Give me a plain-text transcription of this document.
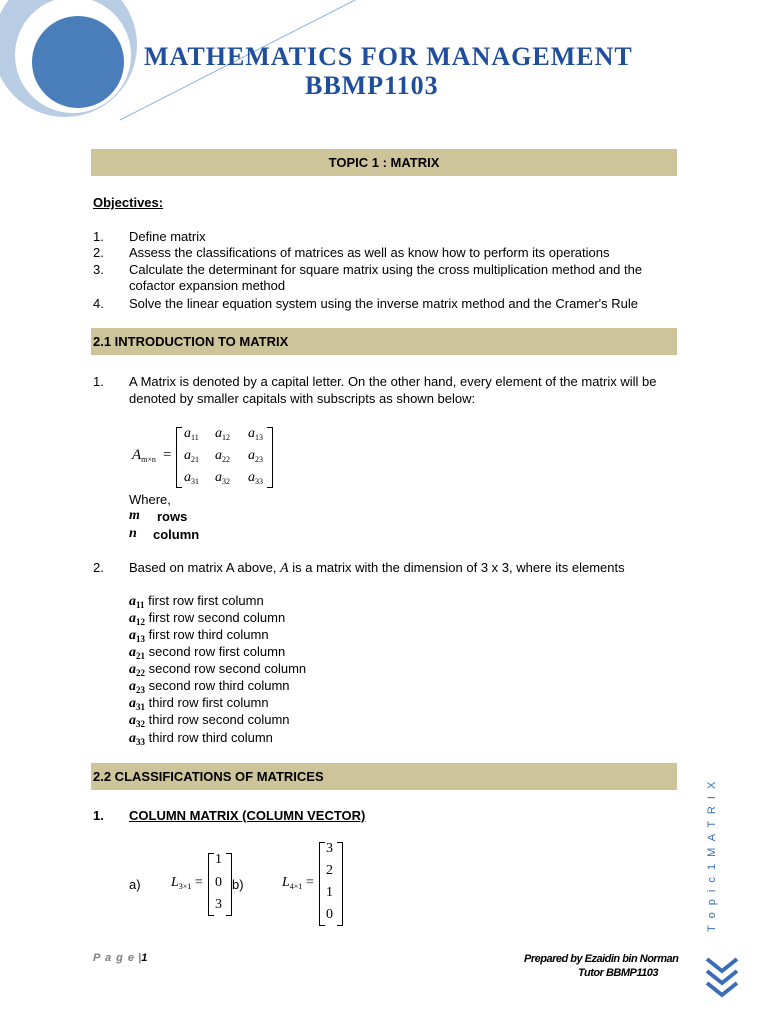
MATHEMATICS FOR MANAGEMENT
BBMP1103
TOPIC 1 : MATRIX
Objectives:
1. Define matrix
2. Assess the classifications of matrices as well as know how to perform its operations
3. Calculate the determinant for square matrix using the cross multiplication method and the
cofactor expansion method
4. Solve the linear equation system using the inverse matrix method and the Cramer's Rule
2.1 INTRODUCTION TO MATRIX
1. A Matrix is denoted by a capital letter. On the other hand, every element of the matrix will be
denoted by smaller capitals with subscripts as shown below:
$A_{m\times n}$ =
$a_{11}$ $a_{12}$ $a_{13}$
$a_{21}$ $a_{22}$ $a_{23}$
$a_{31}$ $a_{32}$ $a_{33}$
Where,
m rows
n column
2. Based on matrix A above, A is a matrix with the dimension of 3 x 3, where its elements
$a_{11}$ first row first column
$a_{12}$ first row second column
$a_{13}$ first row third column
$a_{21}$ second row first column
$a_{22}$ second row second column
$a_{23}$ second row third column
$a_{31}$ third row first column
$a_{32}$ third row second column
$a_{33}$ third row third column
2.2 CLASSIFICATIONS OF MATRICES
1. COLUMN MATRIX (COLUMN VECTOR)
a) $L_{3\times 1}$ =
1
0
3
b)	$L_{4\times 1}$ =
3
2
1
0	T o p i c 1 M A T R I X
P a g e |1	Prepared by Ezaidin bin Norman
Tutor BBMP1103
